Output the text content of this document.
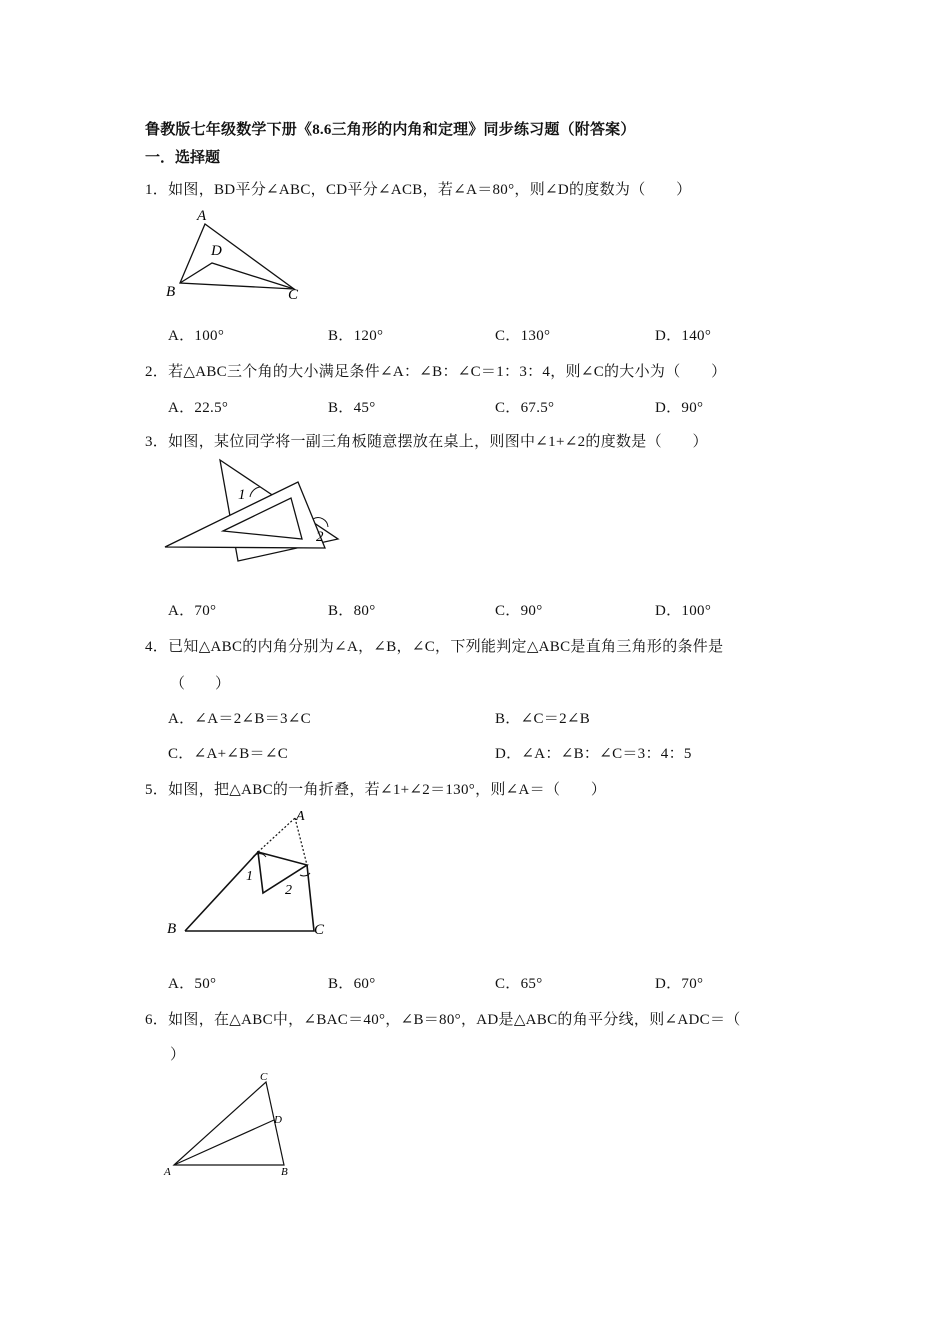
鲁教版七年级数学下册《8.6三角形的内角和定理》同步练习题（附答案）
一．选择题
1．如图，BD平分∠ABC，CD平分∠ACB，若∠A＝80°，则∠D的度数为（　　）
A
D
B	C
A．100°	B．120°	C．130°	D．140°
2．若△ABC三个角的大小满足条件∠A：∠B：∠C＝1：3：4，则∠C的大小为（　　）
A．22.5°	B．45°	C．67.5°	D．90°
3．如图，某位同学将一副三角板随意摆放在桌上，则图中∠1+∠2的度数是（　　）
1
2
A．70°	B．80°	C．90°	D．100°
4．已知△ABC的内角分别为∠A，∠B，∠C，下列能判定△ABC是直角三角形的条件是
（　　）
A．∠A＝2∠B＝3∠C	B．∠C＝2∠B
C．∠A+∠B＝∠C	D．∠A：∠B：∠C＝3：4：5
5．如图，把△ABC的一角折叠，若∠1+∠2＝130°，则∠A＝（　　）
A
1
2
B	C
A．50°	B．60°	C．65°	D．70°
6．如图，在△ABC中，∠BAC＝40°，∠B＝80°，AD是△ABC的角平分线，则∠ADC＝（
）
C
D
A	B
